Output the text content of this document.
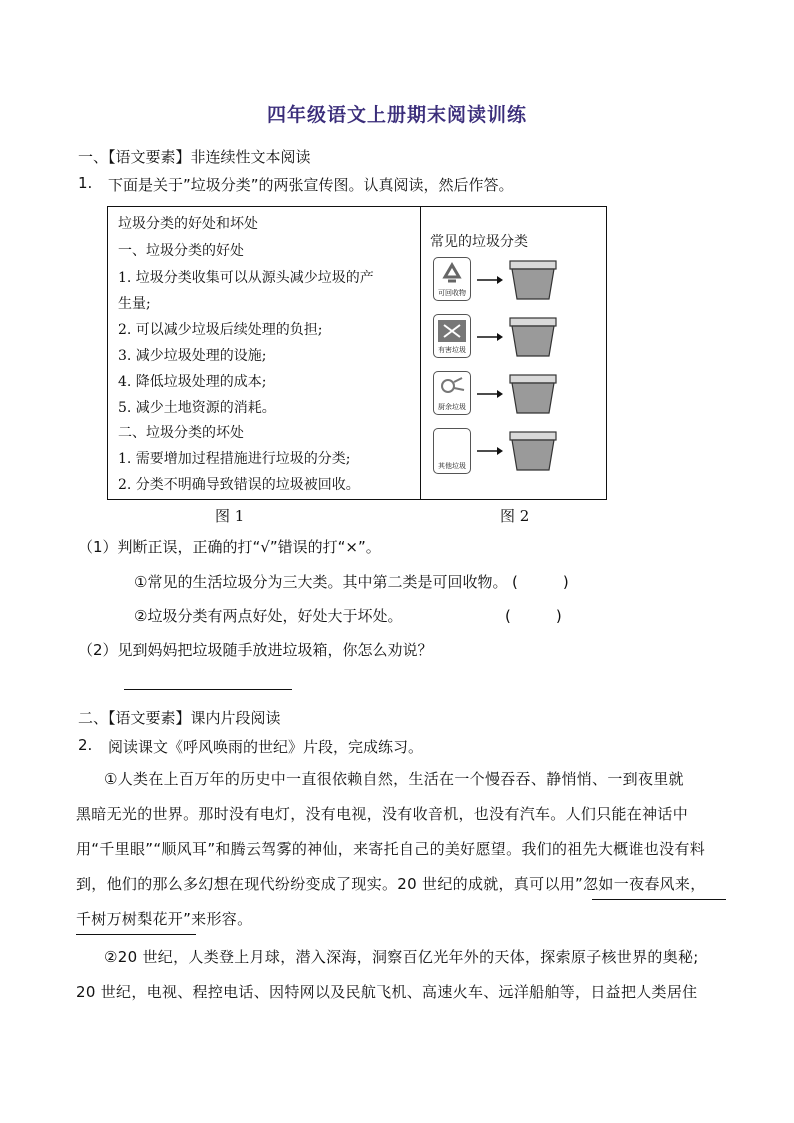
四年级语文上册期末阅读训练
一、【语文要素】非连续性文本阅读
1. 下面是关于”垃圾分类”的两张宣传图。认真阅读，然后作答。
垃圾分类的好处和坏处
一、垃圾分类的好处
1. 垃圾分类收集可以从源头减少垃圾的产
生量;
2. 可以减少垃圾后续处理的负担;
3. 减少垃圾处理的设施;
4. 降低垃圾处理的成本;
5. 减少土地资源的消耗。
二、垃圾分类的坏处
1. 需要增加过程措施进行垃圾的分类;
2. 分类不明确导致错误的垃圾被回收。
常见的垃圾分类
可回收物
有害垃圾
厨余垃圾
其他垃圾
图 1	图 2
（1）判断正误，正确的打“√”错误的打“×”。
①常见的生活垃圾分为三大类。其中第二类是可回收物。 (　　　)
②垃圾分类有两点好处，好处大于坏处。	(　　　)
（2）见到妈妈把垃圾随手放进垃圾箱，你怎么劝说？
二、【语文要素】课内片段阅读
2. 阅读课文《呼风唤雨的世纪》片段，完成练习。
①人类在上百万年的历史中一直很依赖自然，生活在一个慢吞吞、静悄悄、一到夜里就
黑暗无光的世界。那时没有电灯，没有电视，没有收音机，也没有汽车。人们只能在神话中
用“千里眼”“顺风耳”和腾云驾雾的神仙，来寄托自己的美好愿望。我们的祖先大概谁也没有料
到，他们的那么多幻想在现代纷纷变成了现实。20 世纪的成就，真可以用”忽如一夜春风来，
千树万树梨花开”来形容。
②20 世纪，人类登上月球，潜入深海，洞察百亿光年外的天体，探索原子核世界的奥秘;
20 世纪，电视、程控电话、因特网以及民航飞机、高速火车、远洋船舶等，日益把人类居住
